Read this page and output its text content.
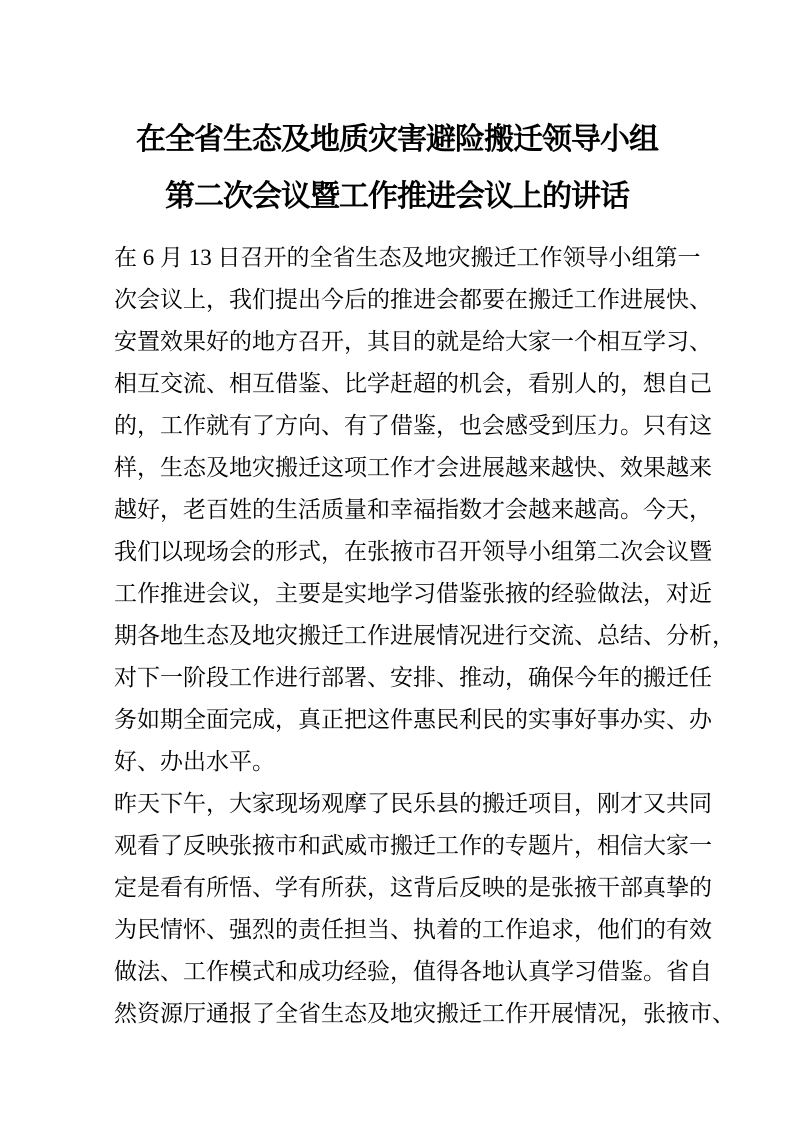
在全省生态及地质灾害避险搬迁领导小组
第二次会议暨工作推进会议上的讲话
在 6 月 13 日召开的全省生态及地灾搬迁工作领导小组第一
次会议上，我们提出今后的推进会都要在搬迁工作进展快、
安置效果好的地方召开，其目的就是给大家一个相互学习、
相互交流、相互借鉴、比学赶超的机会，看别人的，想自己
的，工作就有了方向、有了借鉴，也会感受到压力。只有这
样，生态及地灾搬迁这项工作才会进展越来越快、效果越来
越好，老百姓的生活质量和幸福指数才会越来越高。今天，
我们以现场会的形式，在张掖市召开领导小组第二次会议暨
工作推进会议，主要是实地学习借鉴张掖的经验做法，对近
期各地生态及地灾搬迁工作进展情况进行交流、总结、分析，
对下一阶段工作进行部署、安排、推动，确保今年的搬迁任
务如期全面完成，真正把这件惠民利民的实事好事办实、办
好、办出水平。
昨天下午，大家现场观摩了民乐县的搬迁项目，刚才又共同
观看了反映张掖市和武威市搬迁工作的专题片，相信大家一
定是看有所悟、学有所获，这背后反映的是张掖干部真挚的
为民情怀、强烈的责任担当、执着的工作追求，他们的有效
做法、工作模式和成功经验，值得各地认真学习借鉴。省自
然资源厅通报了全省生态及地灾搬迁工作开展情况，张掖市、
